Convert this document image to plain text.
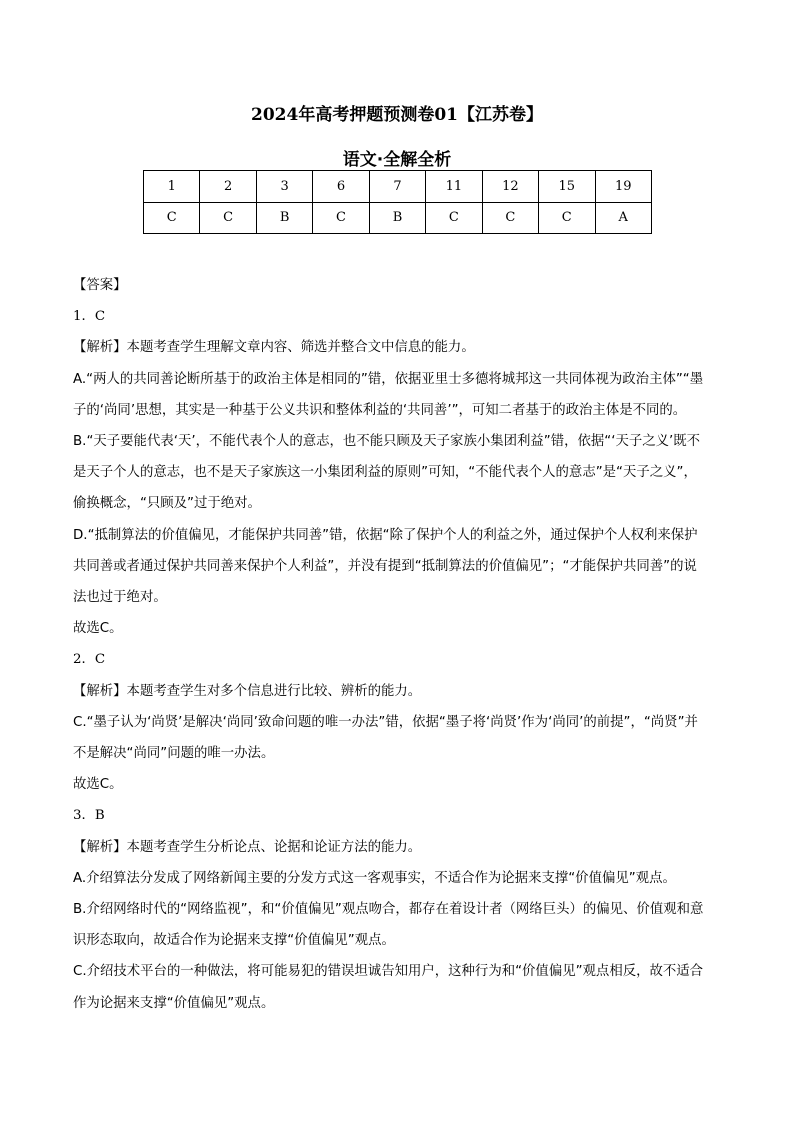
2024年高考押题预测卷01【江苏卷】
语文·全解全析
1	2	3	6	7	11	12	15	19
C	C	B	C	B	C	C	C	A

【答案】

1．C

【解析】本题考查学生理解文章内容、筛选并整合文中信息的能力。

A.“两人的共同善论断所基于的政治主体是相同的”错，依据亚里士多德将城邦这一共同体视为政治主体”“墨

子的‘尚同’思想，其实是一种基于公义共识和整体利益的‘共同善’”，可知二者基于的政治主体是不同的。

B.“天子要能代表‘天’，不能代表个人的意志，也不能只顾及天子家族小集团利益”错，依据“‘天子之义’既不

是天子个人的意志，也不是天子家族这一小集团利益的原则”可知，“不能代表个人的意志”是“天子之义”，

偷换概念，“只顾及”过于绝对。

D.“抵制算法的价值偏见，才能保护共同善”错，依据“除了保护个人的利益之外，通过保护个人权利来保护

共同善或者通过保护共同善来保护个人利益”，并没有提到“抵制算法的价值偏见”；“才能保护共同善”的说

法也过于绝对。

故选C。

2．C

【解析】本题考查学生对多个信息进行比较、辨析的能力。

C.“墨子认为‘尚贤’是解决‘尚同’致命问题的唯一办法”错，依据“墨子将‘尚贤’作为‘尚同’的前提”，“尚贤”并

不是解决“尚同”问题的唯一办法。

故选C。

3．B

【解析】本题考查学生分析论点、论据和论证方法的能力。

A.介绍算法分发成了网络新闻主要的分发方式这一客观事实，不适合作为论据来支撑“价值偏见”观点。

B.介绍网络时代的“网络监视”，和“价值偏见”观点吻合，都存在着设计者（网络巨头）的偏见、价值观和意

识形态取向，故适合作为论据来支撑“价值偏见”观点。

C.介绍技术平台的一种做法，将可能易犯的错误坦诚告知用户，这种行为和“价值偏见”观点相反，故不适合

作为论据来支撑“价值偏见”观点。
